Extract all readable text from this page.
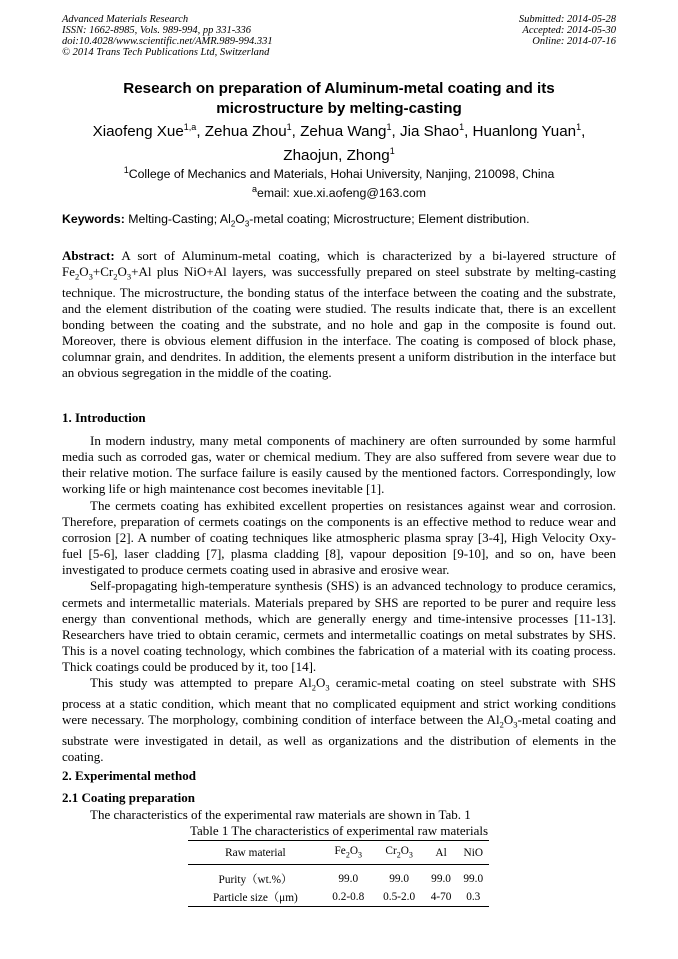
Advanced Materials Research
ISSN: 1662-8985, Vols. 989-994, pp 331-336
doi:10.4028/www.scientific.net/AMR.989-994.331
© 2014 Trans Tech Publications Ltd, Switzerland
Submitted: 2014-05-28
Accepted: 2014-05-30
Online: 2014-07-16
Research on preparation of Aluminum-metal coating and its
microstructure by melting-casting
Xiaofeng Xue$^{1,a}$, Zehua Zhou$^1$, Zehua Wang$^1$, Jia Shao$^1$, Huanlong Yuan$^1$,
Zhaojun, Zhong$^1$
$^1$College of Mechanics and Materials, Hohai University, Nanjing, 210098, China
$^a$email: xue.xi.aofeng@163.com
Keywords: Melting-Casting; $Al_2O_3$-metal coating; Microstructure; Element distribution.
Abstract: A sort of Aluminum-metal coating, which is characterized by a bi-layered structure of $Fe_2O_3+Cr_2O_3+Al$ plus NiO+Al layers, was successfully prepared on steel substrate by melting-casting technique. The microstructure, the bonding status of the interface between the coating and the substrate, and the element distribution of the coating were studied. The results indicate that, there is an excellent bonding between the coating and the substrate, and no hole and gap in the composite is found out. Moreover, there is obvious element diffusion in the interface. The coating is composed of block phase, columnar grain, and dendrites. In addition, the elements present a uniform distribution in the interface but an obvious segregation in the middle of the coating.
1. Introduction

In modern industry, many metal components of machinery are often surrounded by some harmful media such as corroded gas, water or chemical medium. They are also suffered from severe wear due to their relative motion. The surface failure is easily caused by the mentioned factors. Correspondingly, low working life or high maintenance cost becomes inevitable [1].

The cermets coating has exhibited excellent properties on resistances against wear and corrosion. Therefore, preparation of cermets coatings on the components is an effective method to reduce wear and corrosion [2]. A number of coating techniques like atmospheric plasma spray [3-4], High Velocity Oxy-fuel [5-6], laser cladding [7], plasma cladding [8], vapour deposition [9-10], and so on, have been investigated to produce cermets coating used in abrasive and erosive wear.

Self-propagating high-temperature synthesis (SHS) is an advanced technology to produce ceramics, cermets and intermetallic materials. Materials prepared by SHS are reported to be purer and require less energy than conventional methods, which are generally energy and time-intensive processes [11-13]. Researchers have tried to obtain ceramic, cermets and intermetallic coatings on metal substrates by SHS. This is a novel coating technology, which combines the fabrication of a material with its coating process. Thick coatings could be produced by it, too [14].

This study was attempted to prepare $Al_2O_3$ ceramic-metal coating on steel substrate with SHS process at a static condition, which meant that no complicated equipment and strict working conditions were necessary. The morphology, combining condition of interface between the $Al_2O_3$-metal coating and substrate were investigated in detail, as well as organizations and the distribution of elements in the coating.

2. Experimental method
2.1 Coating preparation
The characteristics of the experimental raw materials are shown in Tab. 1
Table 1 The characteristics of experimental raw materials
Raw material	$Fe_2O_3$	$Cr_2O_3$	Al	NiO
Purity（wt.%）	99.0	99.0	99.0	99.0
Particle size（μm)	0.2-0.8	0.5-2.0	4-70	0.3
